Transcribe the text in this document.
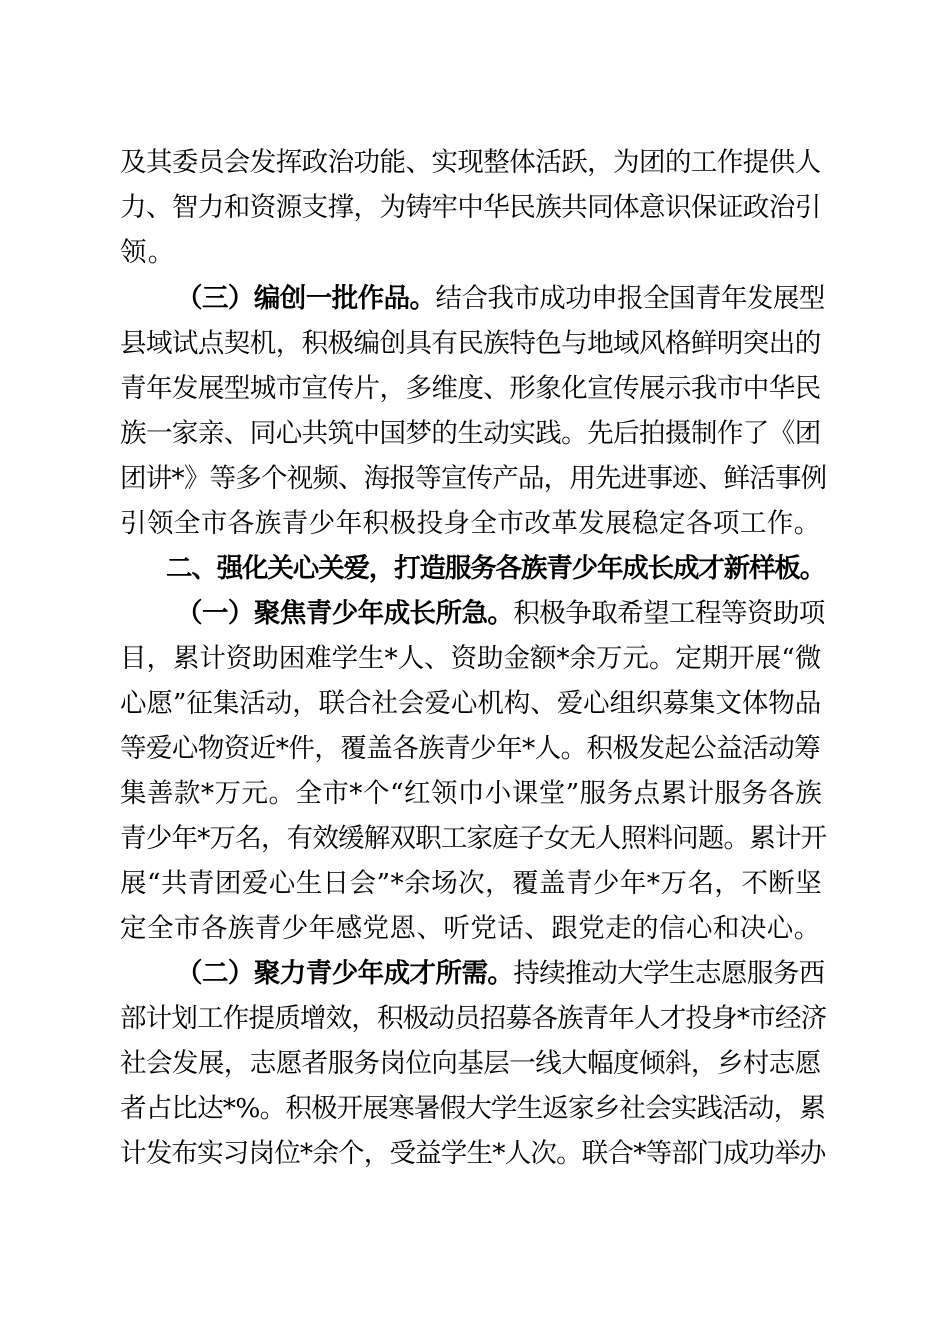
及其委员会发挥政治功能、实现整体活跃，为团的工作提供人
力、智力和资源支撑，为铸牢中华民族共同体意识保证政治引
领。
（三）编创一批作品。结合我市成功申报全国青年发展型
县域试点契机，积极编创具有民族特色与地域风格鲜明突出的
青年发展型城市宣传片，多维度、形象化宣传展示我市中华民
族一家亲、同心共筑中国梦的生动实践。先后拍摄制作了《团
团讲*》等多个视频、海报等宣传产品，用先进事迹、鲜活事例
引领全市各族青少年积极投身全市改革发展稳定各项工作。
二、强化关心关爱，打造服务各族青少年成长成才新样板。
（一）聚焦青少年成长所急。积极争取希望工程等资助项
目，累计资助困难学生*人、资助金额*余万元。定期开展“微
心愿”征集活动，联合社会爱心机构、爱心组织募集文体物品
等爱心物资近*件，覆盖各族青少年*人。积极发起公益活动筹
集善款*万元。全市*个“红领巾小课堂”服务点累计服务各族
青少年*万名，有效缓解双职工家庭子女无人照料问题。累计开
展“共青团爱心生日会”*余场次，覆盖青少年*万名，不断坚
定全市各族青少年感党恩、听党话、跟党走的信心和决心。
（二）聚力青少年成才所需。持续推动大学生志愿服务西
部计划工作提质增效，积极动员招募各族青年人才投身*市经济
社会发展，志愿者服务岗位向基层一线大幅度倾斜，乡村志愿
者占比达*%。积极开展寒暑假大学生返家乡社会实践活动，累
计发布实习岗位*余个，受益学生*人次。联合*等部门成功举办
